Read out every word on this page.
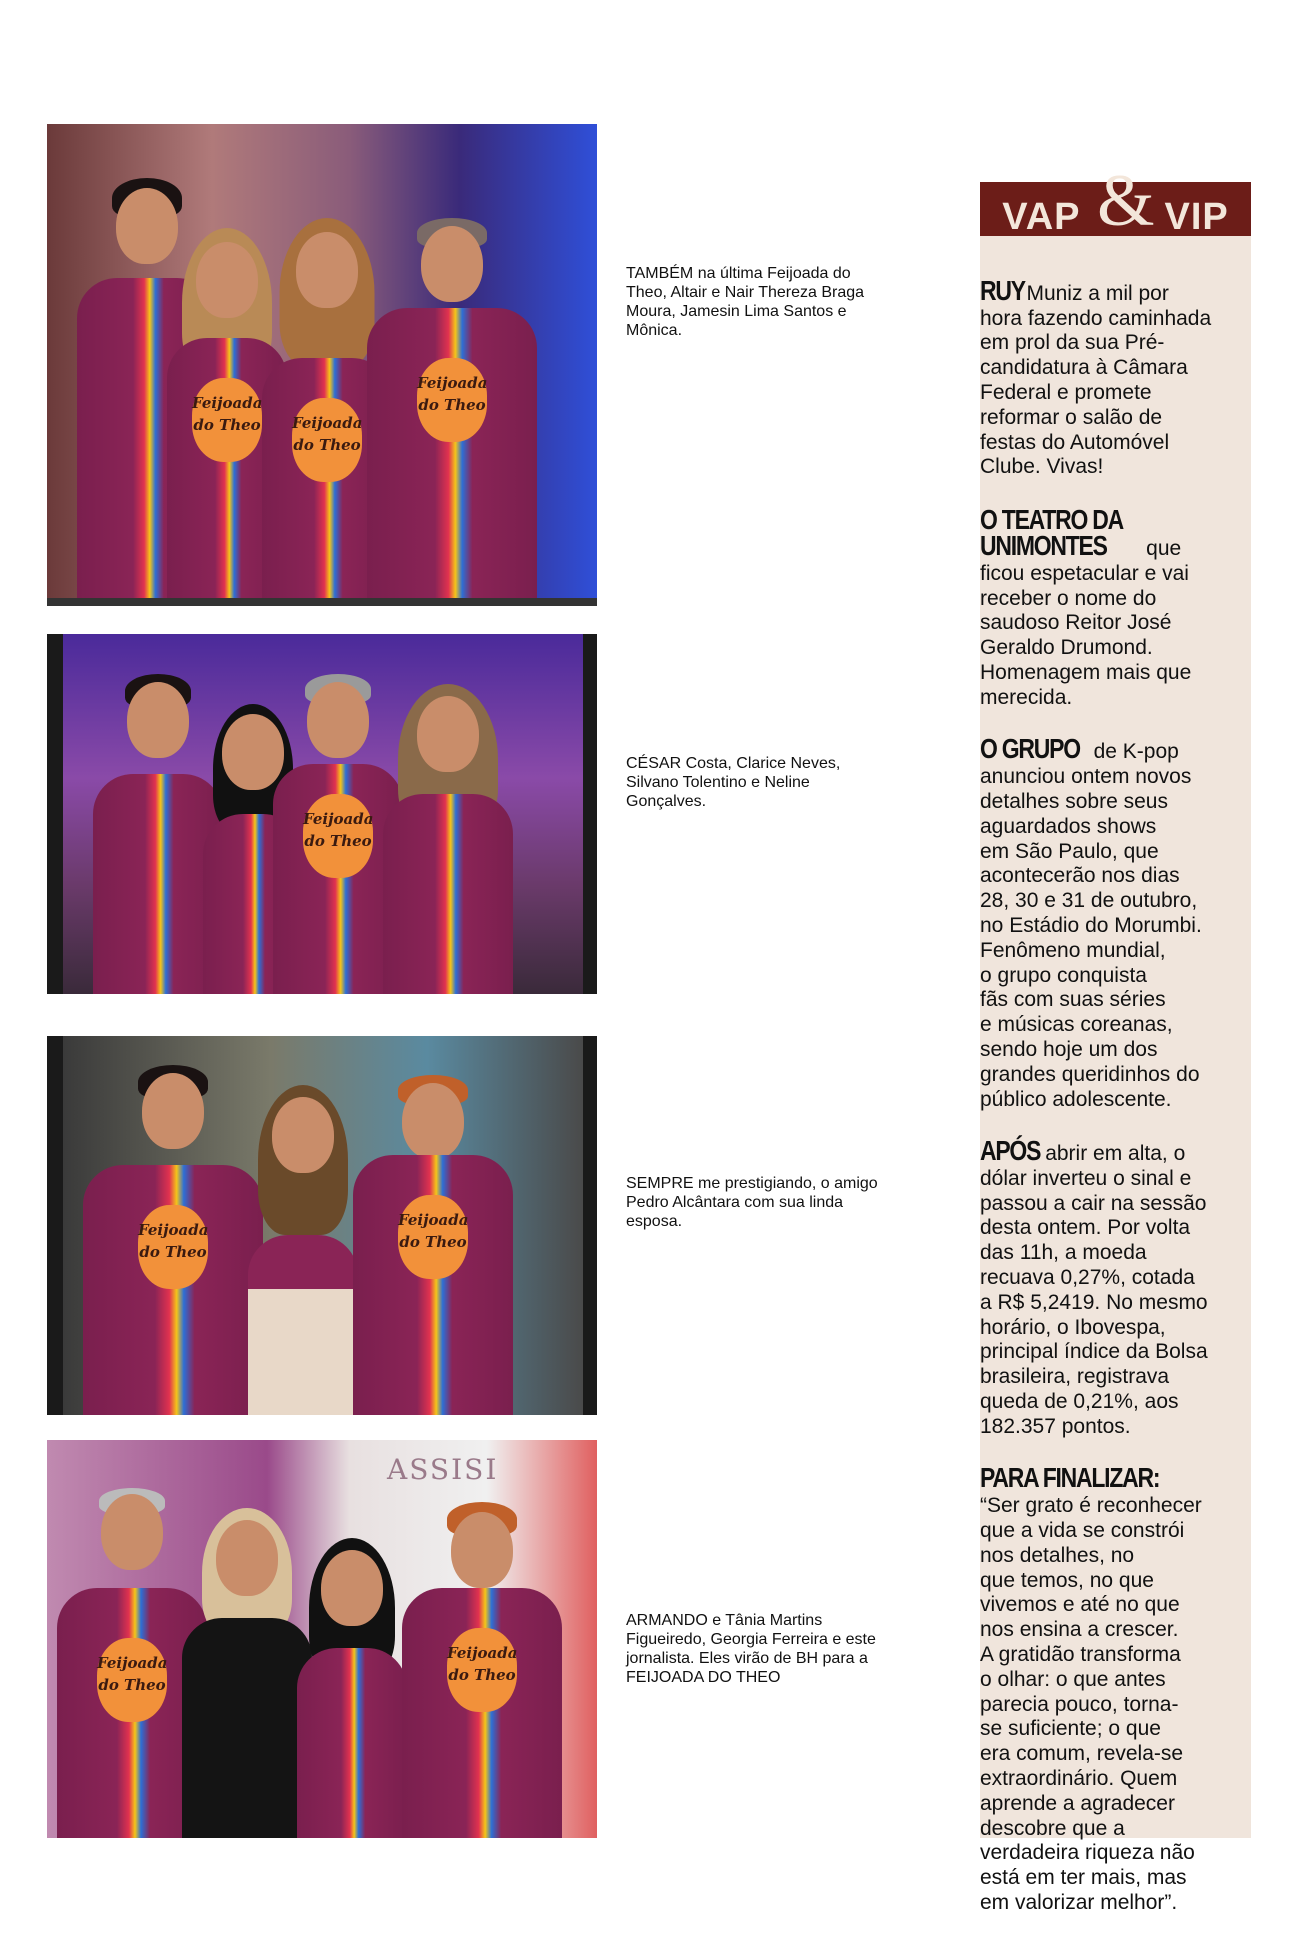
Feijoada do Theo Feijoada do Theo
Feijoada do Theo
TAMBÉM na última Feijoada do
Theo, Altair e Nair Thereza Braga
Moura, Jamesin Lima Santos e
Mônica.
Feijoada do Theo
CÉSAR Costa, Clarice Neves,
Silvano Tolentino e Neline
Gonçalves.
Feijoada do Theo
Feijoada do Theo
SEMPRE me prestigiando, o amigo
Pedro Alcântara com sua linda
esposa.
Feijoada do Theo
Feijoada do Theo
ASSISI
ARMANDO e Tânia Martins
Figueiredo, Georgia Ferreira e este
jornalista. Eles virão de BH para a
FEIJOADA DO THEO
VAP VIP
&

RUY Muniz a mil por
hora fazendo caminhada
em prol da sua Pré-
candidatura à Câmara
Federal e promete
reformar o salão de
festas do Automóvel
Clube. Vivas!

O TEATRO DA
UNIMONTES que
ficou espetacular e vai
receber o nome do
saudoso Reitor José
Geraldo Drumond.
Homenagem mais que
merecida.

O GRUPO de K-pop
anunciou ontem novos
detalhes sobre seus
aguardados shows
em São Paulo, que
acontecerão nos dias
28, 30 e 31 de outubro,
no Estádio do Morumbi.
Fenômeno mundial,
o grupo conquista
fãs com suas séries
e músicas coreanas,
sendo hoje um dos
grandes queridinhos do
público adolescente.

APÓS abrir em alta, o
dólar inverteu o sinal e
passou a cair na sessão
desta ontem. Por volta
das 11h, a moeda
recuava 0,27%, cotada
a R$ 5,2419. No mesmo
horário, o Ibovespa,
principal índice da Bolsa
brasileira, registrava
queda de 0,21%, aos
182.357 pontos.

PARA FINALIZAR:
“Ser grato é reconhecer
que a vida se constrói
nos detalhes, no
que temos, no que
vivemos e até no que
nos ensina a crescer.
A gratidão transforma
o olhar: o que antes
parecia pouco, torna-
se suficiente; o que
era comum, revela-se
extraordinário. Quem
aprende a agradecer
descobre que a
verdadeira riqueza não
está em ter mais, mas
em valorizar melhor”.
